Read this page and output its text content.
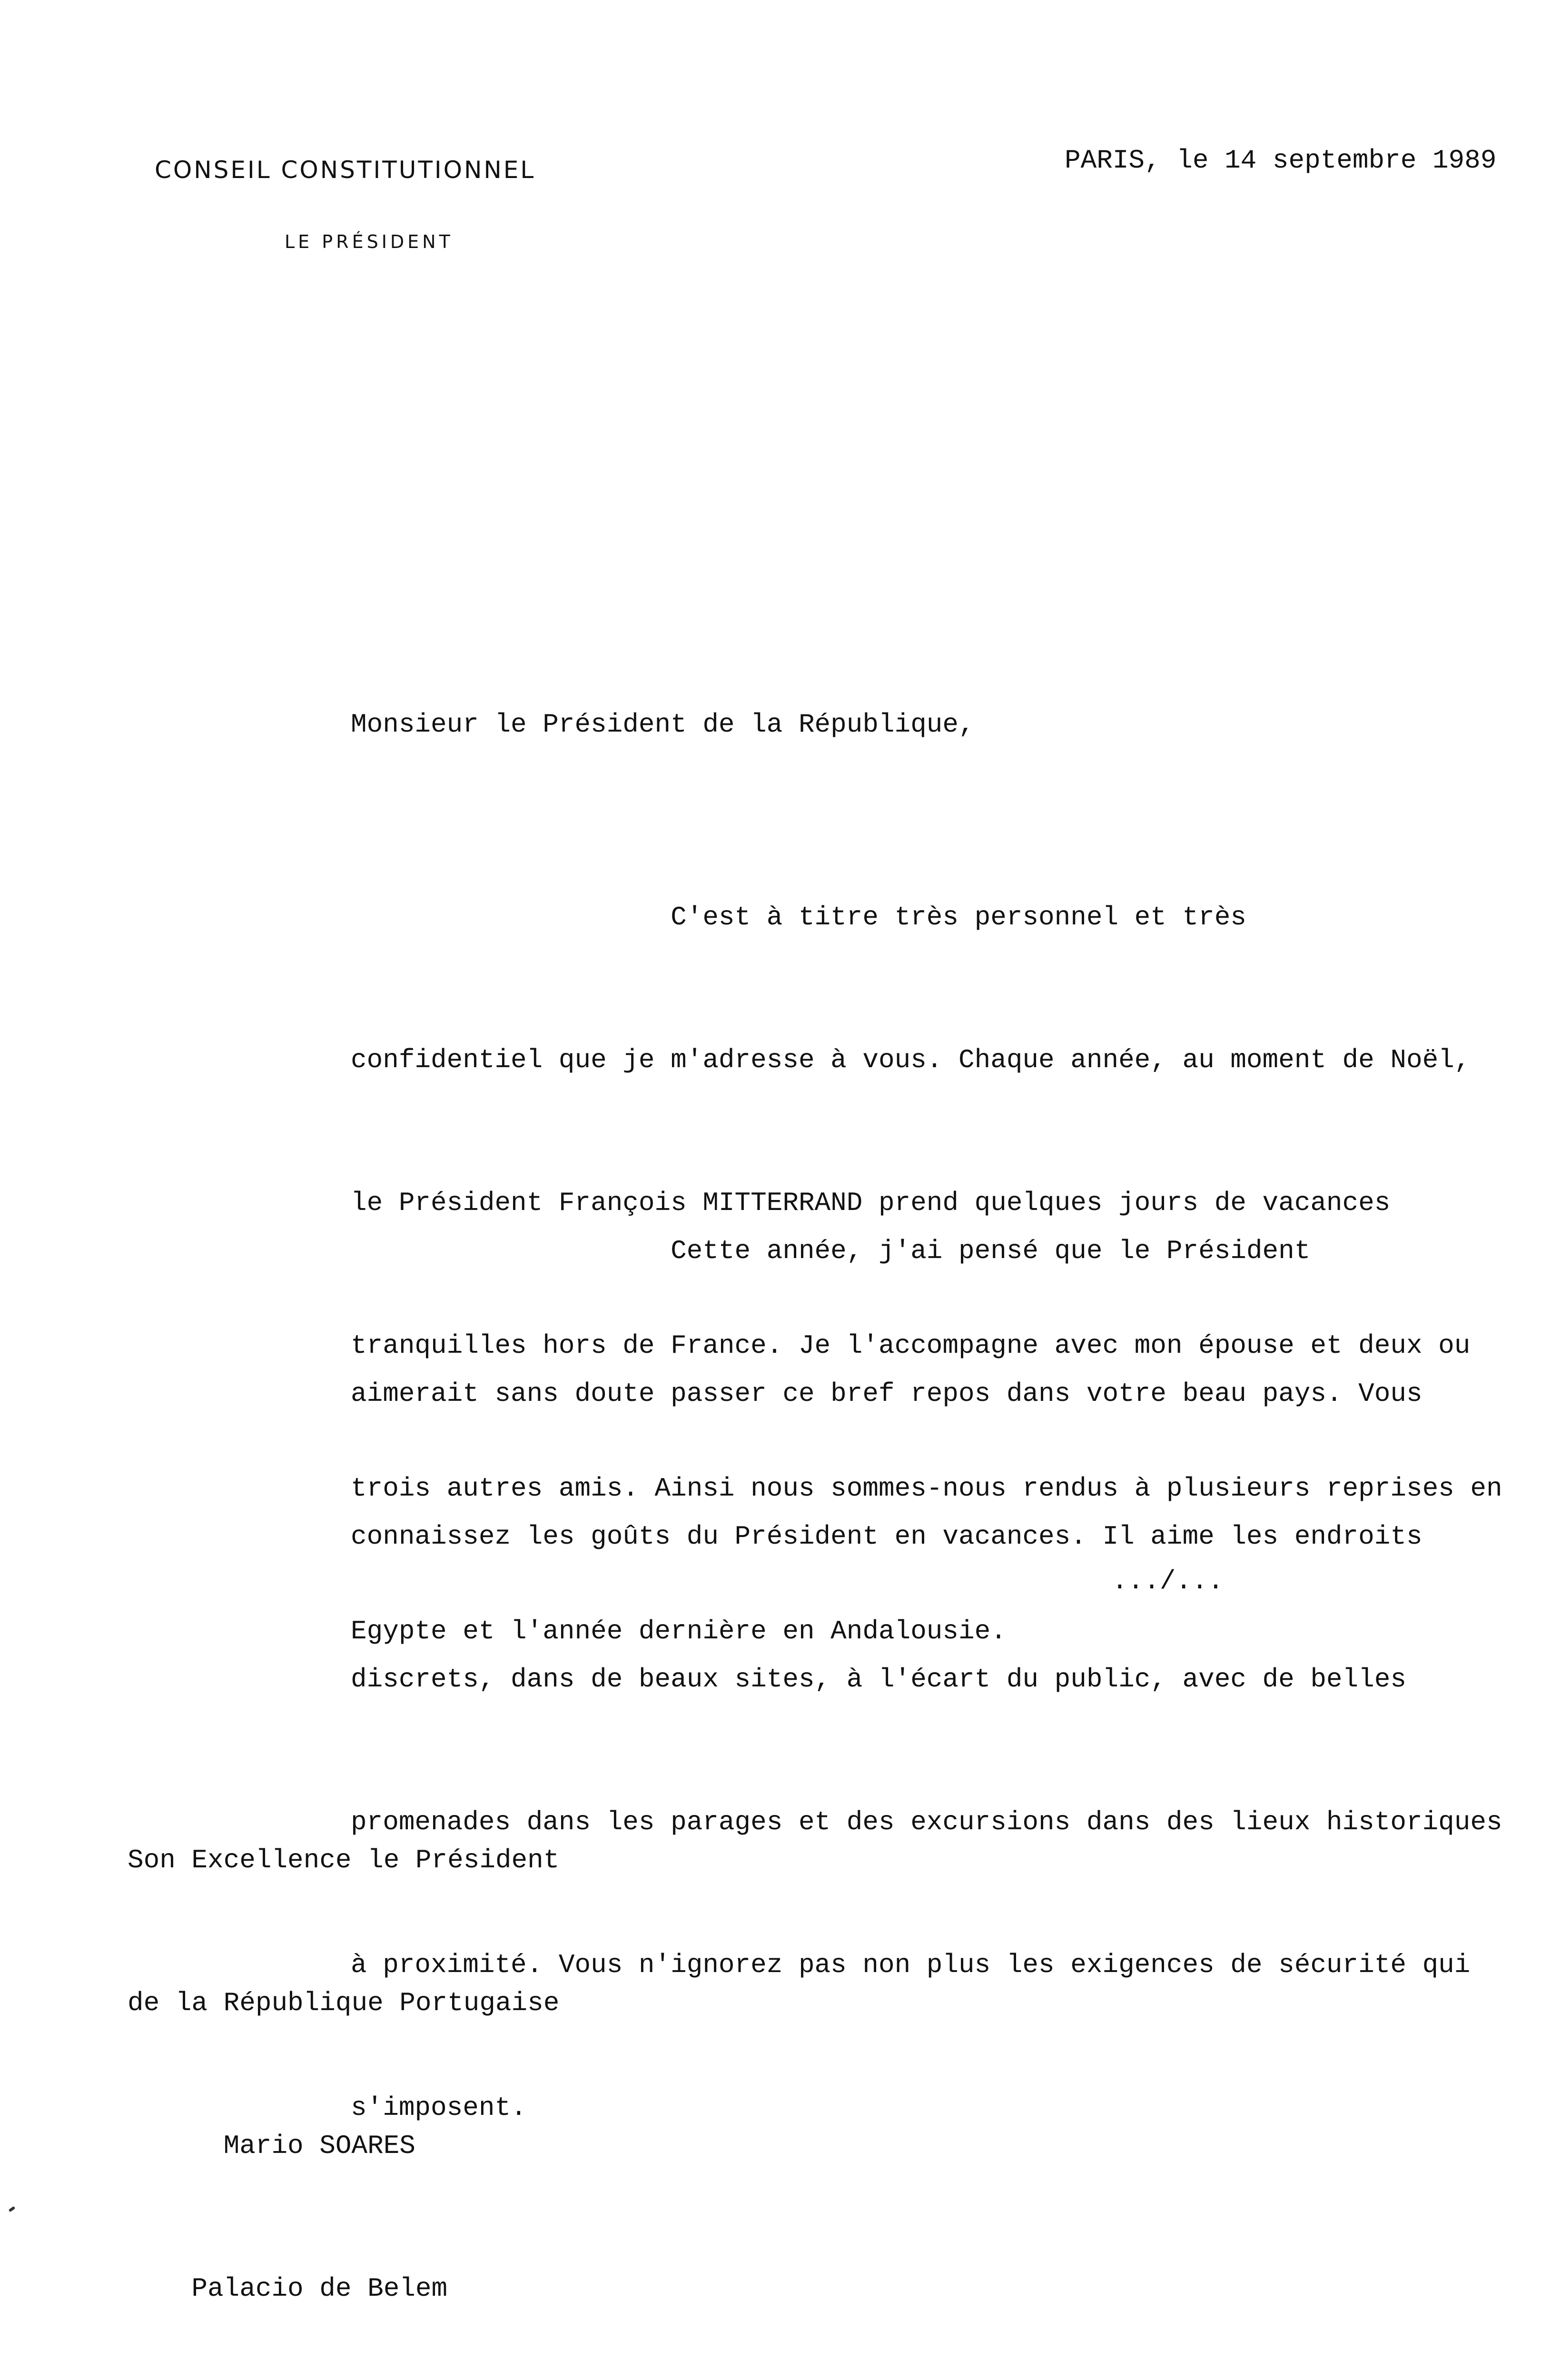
CONSEIL CONSTITUTIONNEL
LE PRÉSIDENT
PARIS, le 14 septembre 1989
Monsieur le Président de la République,

C'est à titre très personnel et très

confidentiel que je m'adresse à vous. Chaque année, au moment de Noël,

le Président François MITTERRAND prend quelques jours de vacances

tranquilles hors de France. Je l'accompagne avec mon épouse et deux ou

trois autres amis. Ainsi nous sommes-nous rendus à plusieurs reprises en

Egypte et l'année dernière en Andalousie.

Cette année, j'ai pensé que le Président

aimerait sans doute passer ce bref repos dans votre beau pays. Vous

connaissez les goûts du Président en vacances. Il aime les endroits

discrets, dans de beaux sites, à l'écart du public, avec de belles

promenades dans les parages et des excursions dans des lieux historiques

à proximité. Vous n'ignorez pas non plus les exigences de sécurité qui

s'imposent.

.../...

Son Excellence le Président

de la République Portugaise

Mario SOARES

Palacio de Belem
